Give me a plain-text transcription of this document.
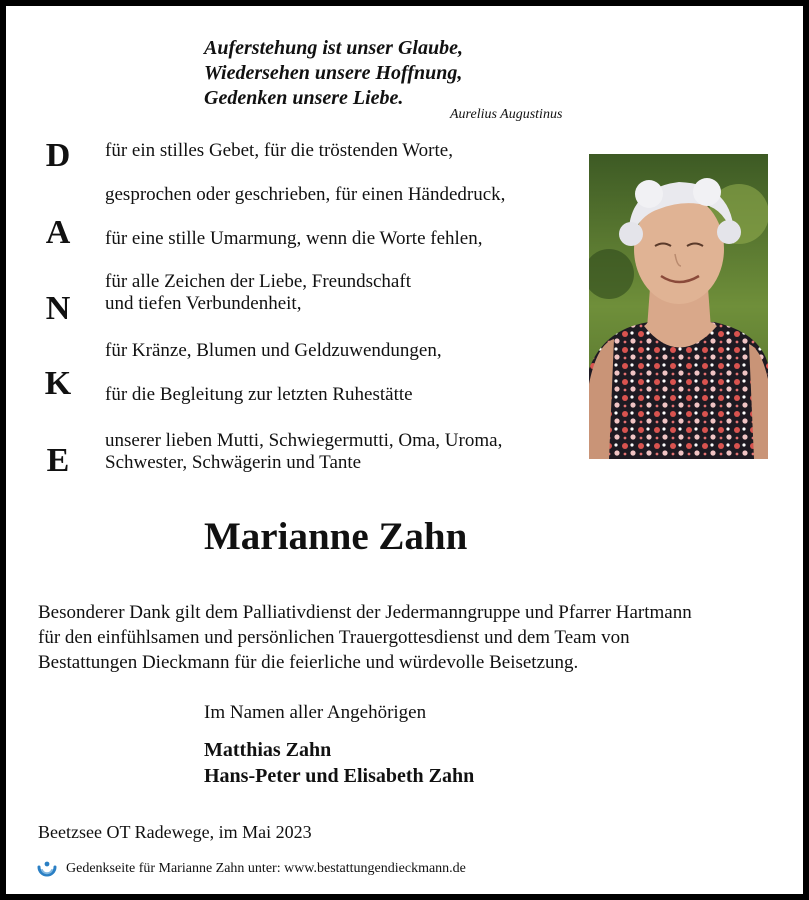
Auferstehung ist unser Glaube,
Wiedersehen unsere Hoffnung,
Gedenken unsere Liebe.
Aurelius Augustinus
D
A
N
K
E
für ein stilles Gebet, für die tröstenden Worte,
gesprochen oder geschrieben, für einen Händedruck,
für eine stille Umarmung, wenn die Worte fehlen,
für alle Zeichen der Liebe, Freundschaft
und tiefen Verbundenheit,
für Kränze, Blumen und Geldzuwendungen,
für die Begleitung zur letzten Ruhestätte
unserer lieben Mutti, Schwiegermutti, Oma, Uroma,
Schwester, Schwägerin und Tante
Marianne Zahn
Besonderer Dank gilt dem Palliativdienst der Jedermanngruppe und Pfarrer Hartmann
für den einfühlsamen und persönlichen Trauergottesdienst und dem Team von
Bestattungen Dieckmann für die feierliche und würdevolle Beisetzung.
Im Namen aller Angehörigen
Matthias Zahn
Hans-Peter und Elisabeth Zahn
Beetzsee OT Radewege, im Mai 2023
Gedenkseite für Marianne Zahn unter: www.bestattungendieckmann.de
